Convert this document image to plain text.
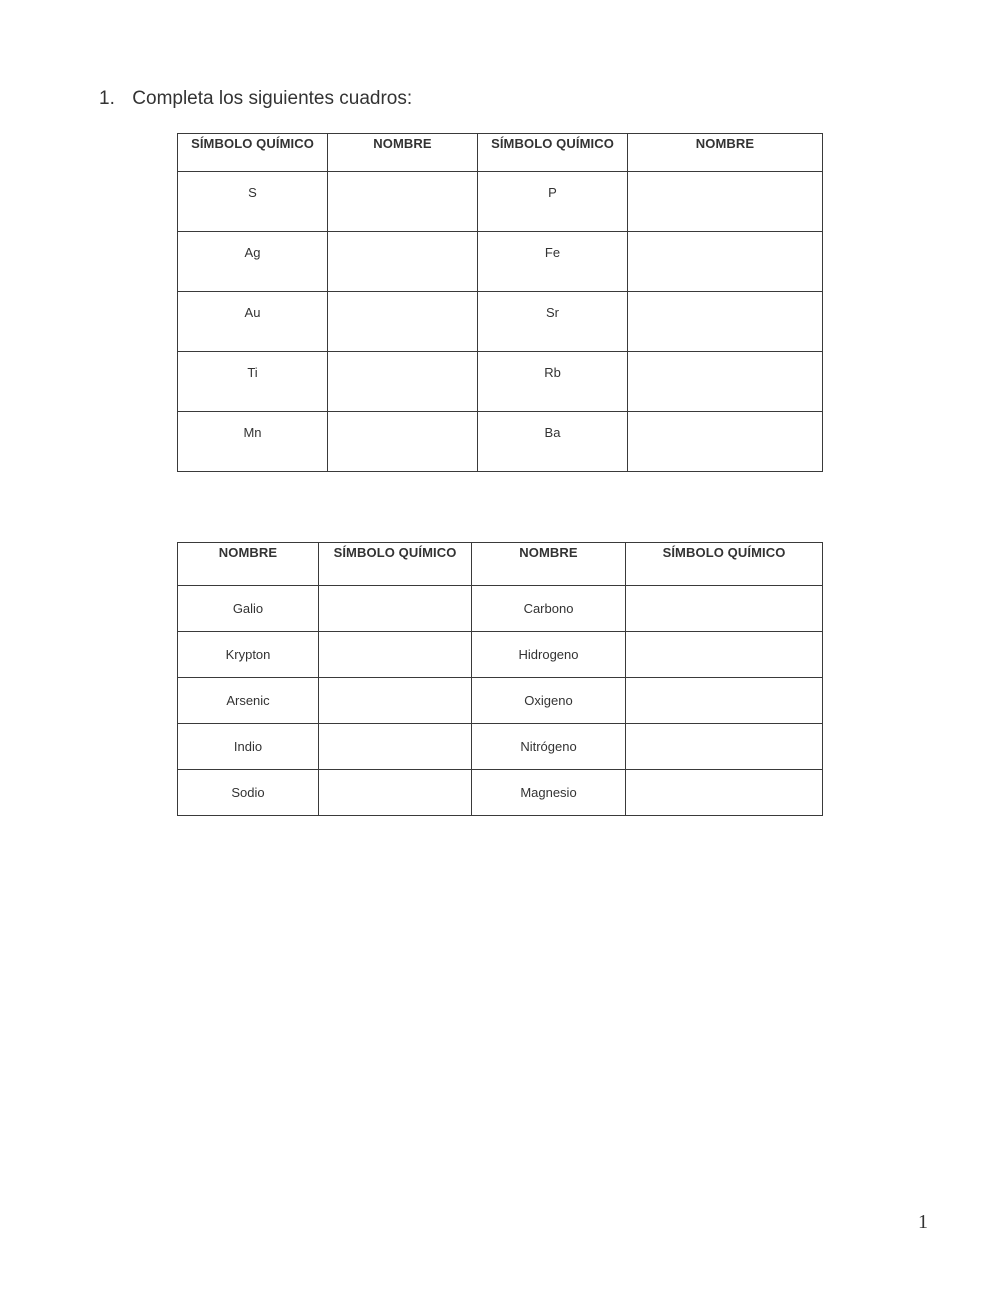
1. Completa los siguientes cuadros:
SÍMBOLO QUÍMICO	NOMBRE	SÍMBOLO QUÍMICO	NOMBRE
S		P	
Ag		Fe	
Au		Sr	
Ti		Rb	
Mn		Ba	
NOMBRE	SÍMBOLO QUÍMICO	NOMBRE	SÍMBOLO QUÍMICO
Galio		Carbono	
Krypton		Hidrogeno	
Arsenic		Oxigeno	
Indio		Nitrógeno	
Sodio		Magnesio	
1
